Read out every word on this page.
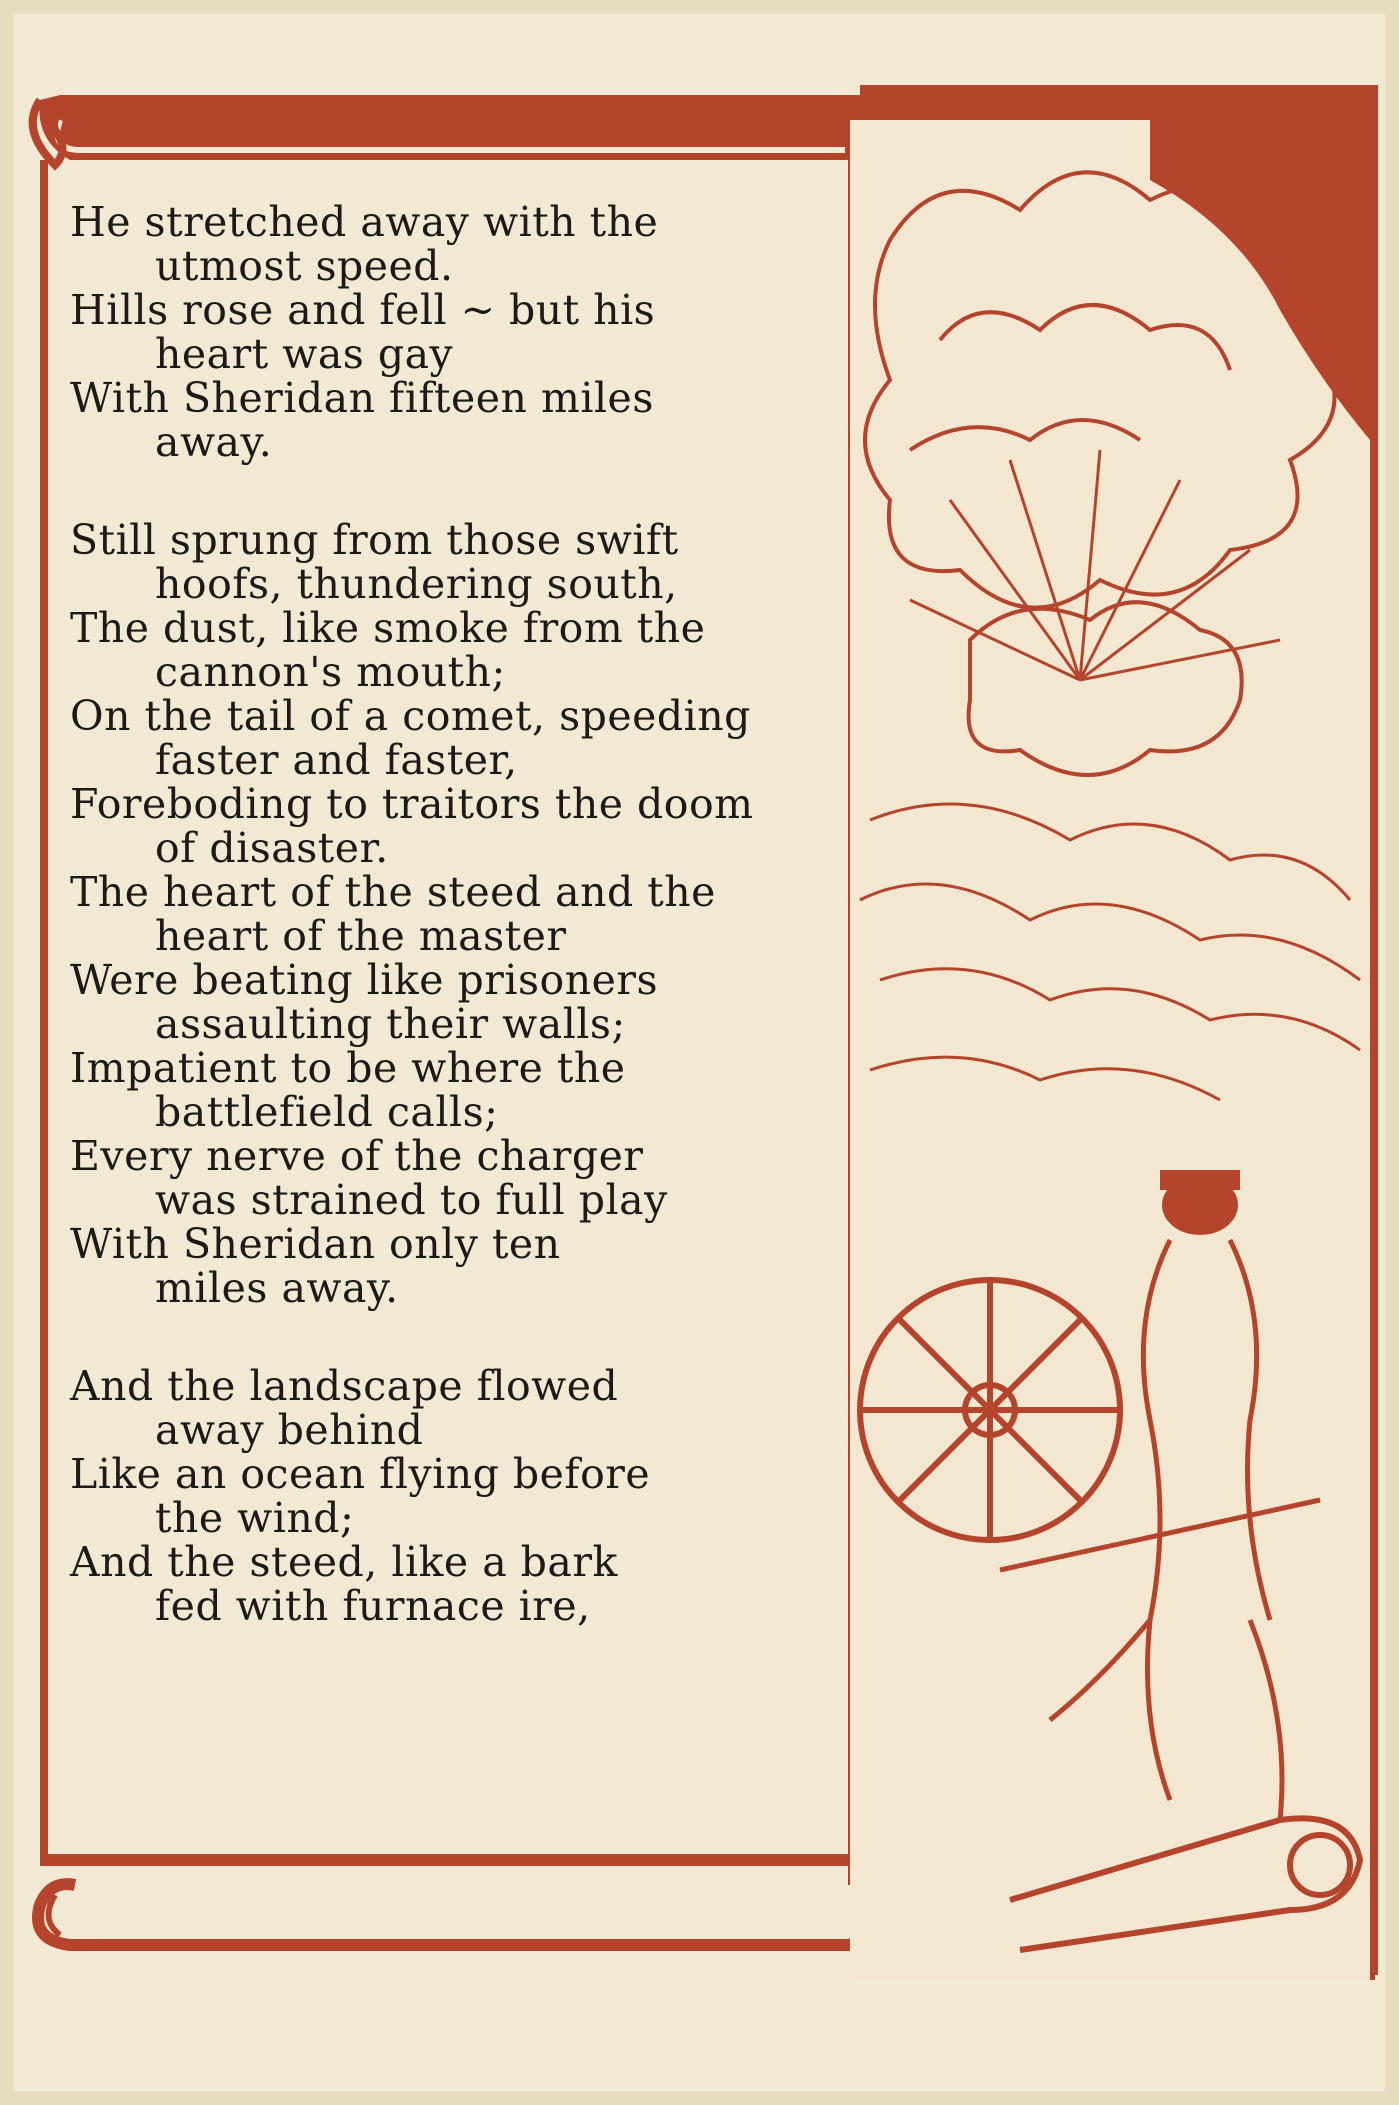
He stretched away with the
utmost speed.
Hills rose and fell ~ but his
heart was gay
With Sheridan fifteen miles
away.
Still sprung from those swift
hoofs, thundering south,
The dust, like smoke from the
cannon's mouth;
On the tail of a comet, speeding
faster and faster,
Foreboding to traitors the doom
of disaster.
The heart of the steed and the
heart of the master
Were beating like prisoners
assaulting their walls;
Impatient to be where the
battlefield calls;
Every nerve of the charger
was strained to full play
With Sheridan only ten
miles away.
And the landscape flowed
away behind
Like an ocean flying before
the wind;
And the steed, like a bark
fed with furnace ire,
